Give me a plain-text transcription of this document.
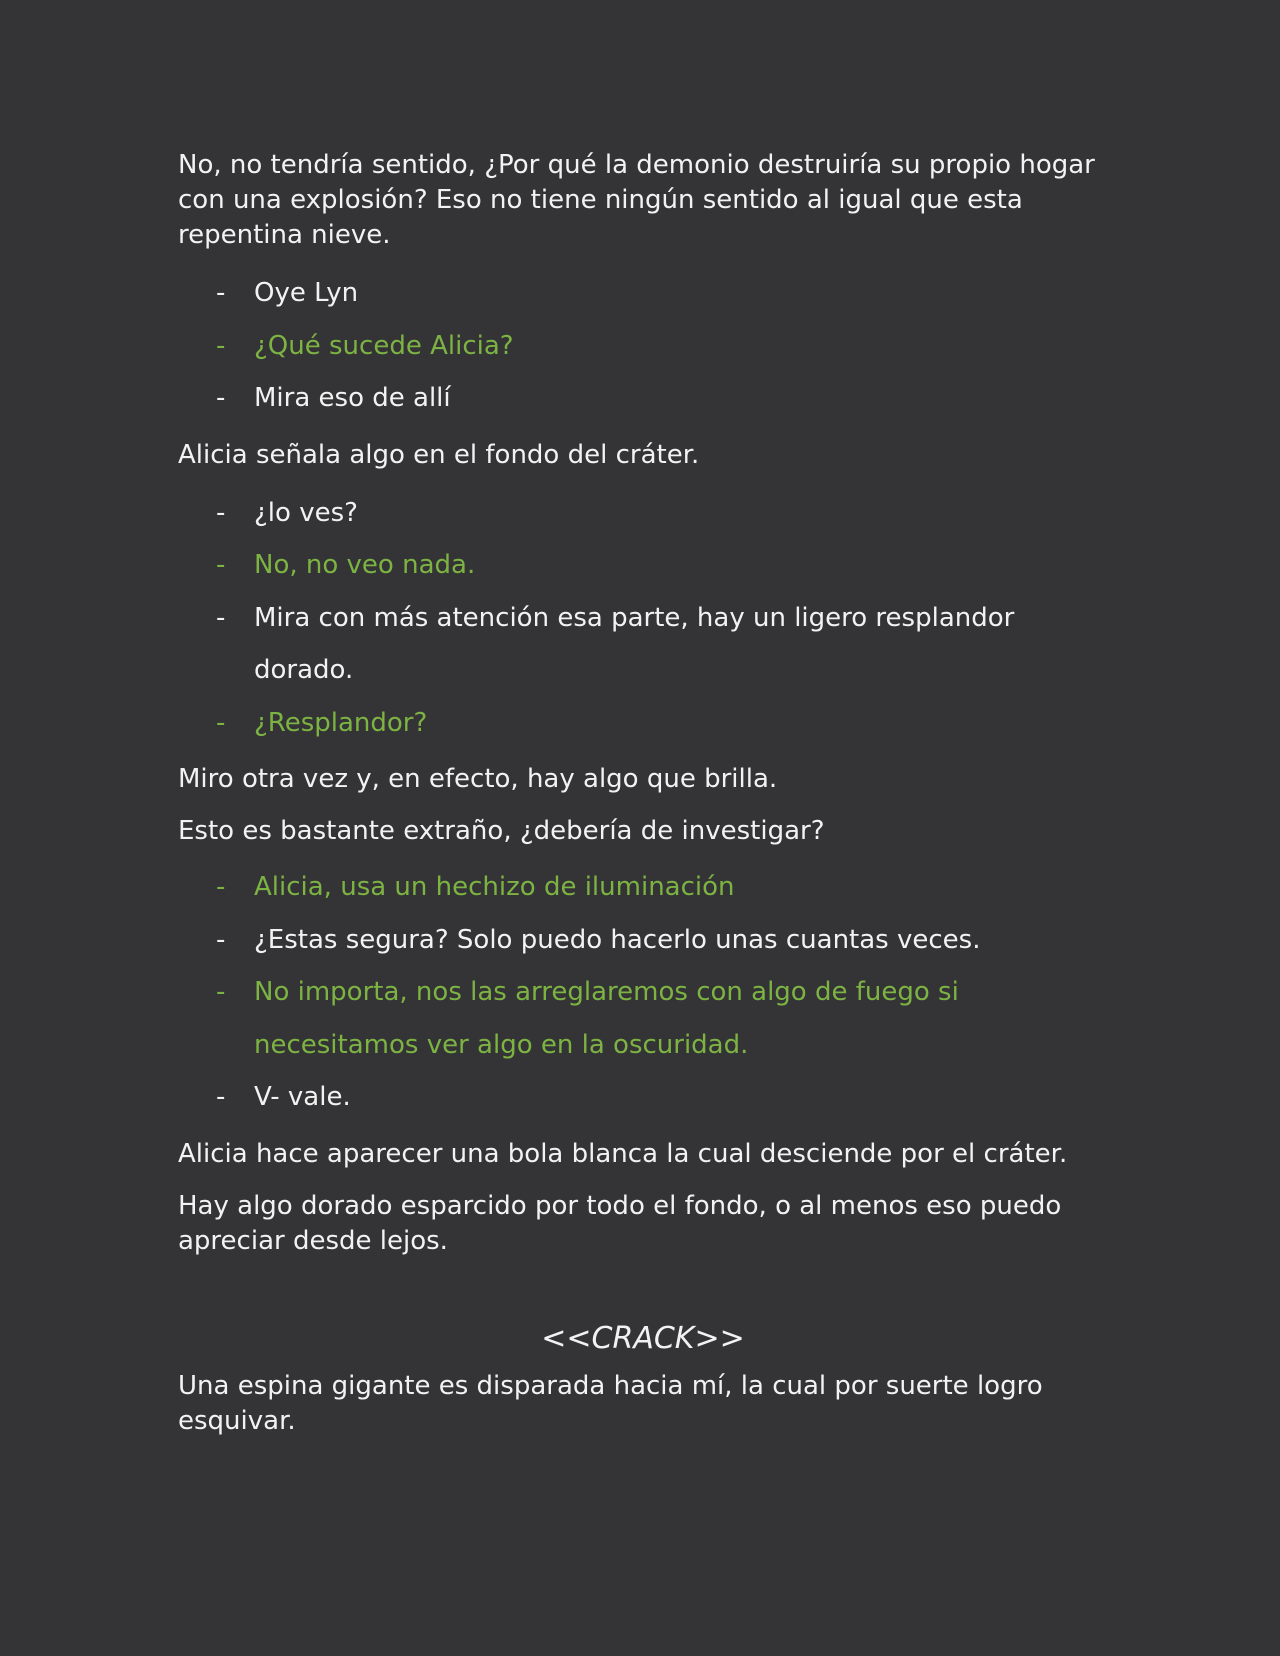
No, no tendría sentido, ¿Por qué la demonio destruiría su propio hogar con una explosión? Eso no tiene ningún sentido al igual que esta repentina nieve.

- Oye Lyn
- ¿Qué sucede Alicia?
- Mira eso de allí

Alicia señala algo en el fondo del cráter.

- ¿lo ves?
- No, no veo nada.
- Mira con más atención esa parte, hay un ligero resplandor dorado.
- ¿Resplandor?

Miro otra vez y, en efecto, hay algo que brilla.

Esto es bastante extraño, ¿debería de investigar?

- Alicia, usa un hechizo de iluminación
- ¿Estas segura? Solo puedo hacerlo unas cuantas veces.
- No importa, nos las arreglaremos con algo de fuego si necesitamos ver algo en la oscuridad.
- V- vale.

Alicia hace aparecer una bola blanca la cual desciende por el cráter.

Hay algo dorado esparcido por todo el fondo, o al menos eso puedo apreciar desde lejos.

<<CRACK>>

Una espina gigante es disparada hacia mí, la cual por suerte logro esquivar.
